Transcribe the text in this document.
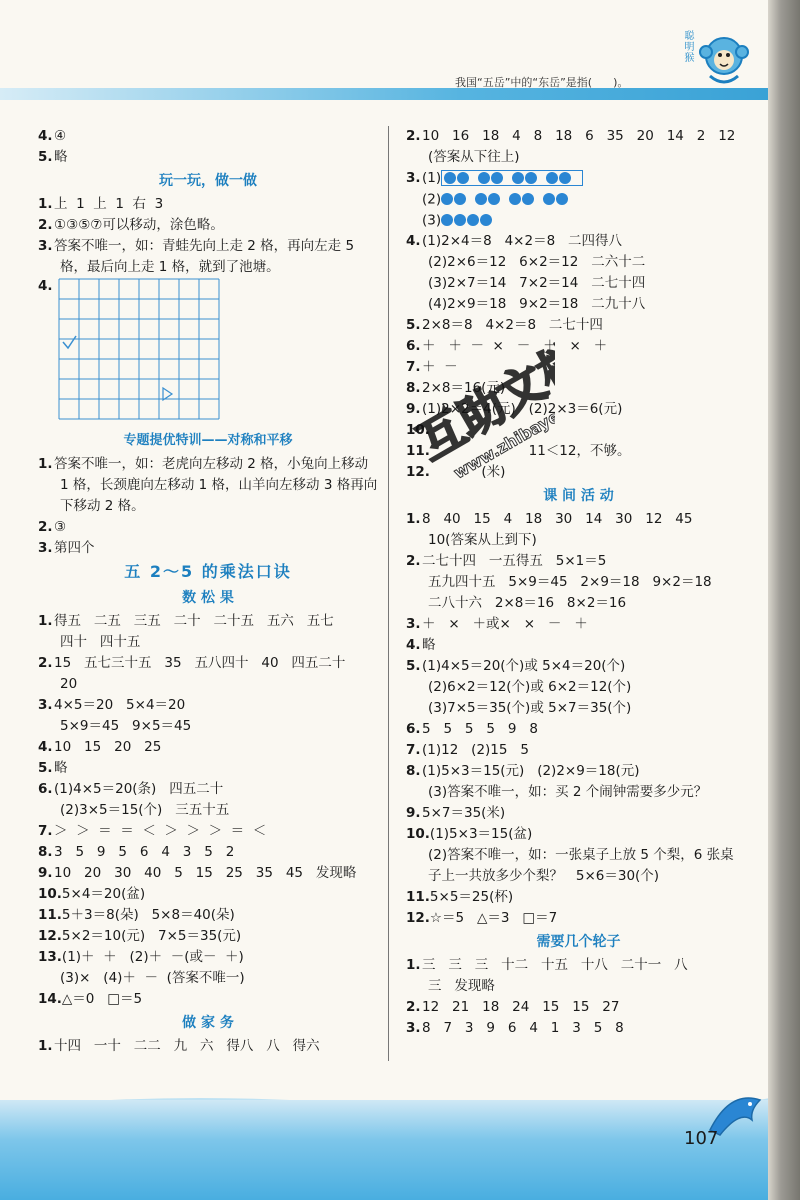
我国“五岳”中的“东岳”是指( )。
聪明猴
4.④
5.略
玩一玩，做一做
1.上  1  上  1  右  3
2.①③⑤⑦可以移动，涂色略。
3.答案不唯一，如：青蛙先向上走 2 格，再向左走 5
格，最后向上走 1 格，就到了池塘。
4.
专题提优特训——对称和平移
1.答案不唯一，如：老虎向左移动 2 格，小兔向上移动
1 格，长颈鹿向左移动 1 格，山羊向左移动 3 格再向
下移动 2 格。
2.③
3.第四个
五 2～5 的乘法口诀
数 松 果
1.得五   二五   三五   二十   二十五   五六   五七
四十   四十五
2.15   五七三十五   35   五八四十   40   四五二十
20
3.4×5＝20   5×4＝20
5×9＝45   9×5＝45
4.10   15   20   25
5.略
6.(1)4×5＝20(条)   四五二十
(2)3×5＝15(个)   三五十五
7.＞  ＞  ＝  ＝  ＜  ＞  ＞  ＞  ＝  ＜
8.3   5   9   5   6   4   3   5   2
9.10   20   30   40   5   15   25   35   45   发现略
10.5×4＝20(盆)
11.5＋3＝8(朵)   5×8＝40(朵)
12.5×2＝10(元)   7×5＝35(元)
13.(1)＋  ＋   (2)＋  －(或－  ＋)
(3)×   (4)＋  －  (答案不唯一)
14.△＝0   □＝5
做 家 务
1.十四   一十   二二   九   六   得八   八   得六
2.10   16   18   4   8   18   6   35   20   14   2   12
(答案从下往上)
3.(1)
(2)
(3)
4.(1)2×4＝8   4×2＝8   二四得八
(2)2×6＝12   6×2＝12   二六十二
(3)2×7＝14   7×2＝14   二七十四
(4)2×9＝18   9×2＝18   二九十八
5.2×8＝8   4×2＝8   二七十四
6.＋   ＋  －  ×   －   ＋   ×   ＋
7.＋  －
8.2×8＝16(元)
9.(1)2×2＝4(元)   (2)2×3＝6(元)
10.
11.                       11＜12，不够。
12.            (米)
课 间 活 动
1.8   40   15   4   18   30   14   30   12   45
10(答案从上到下)
2.二七十四   一五得五   5×1＝5
五九四十五   5×9＝45   2×9＝18   9×2＝18
二八十六   2×8＝16   8×2＝16
3.＋   ×   ＋或×   ×   －   ＋
4.略
5.(1)4×5＝20(个)或 5×4＝20(个)
(2)6×2＝12(个)或 6×2＝12(个)
(3)7×5＝35(个)或 5×7＝35(个)
6.5   5   5   5   9   8
7.(1)12   (2)15   5
8.(1)5×3＝15(元)   (2)2×9＝18(元)
(3)答案不唯一，如：买 2 个闹钟需要多少元？
9.5×7＝35(米)
10.(1)5×3＝15(盆)
(2)答案不唯一，如：一张桌子上放 5 个梨，6 张桌
子上一共放多少个梨？   5×6＝30(个)
11.5×5＝25(杯)
12.☆＝5   △＝3   □＝7
需要几个轮子
1.三   三   三   十二   十五   十八   二十一   八
三   发现略
2.12   21   18   24   15   15   27
3.8   7   3   9   6   4   1   3   5   8
互助文档
www.zhibaye.com
107
